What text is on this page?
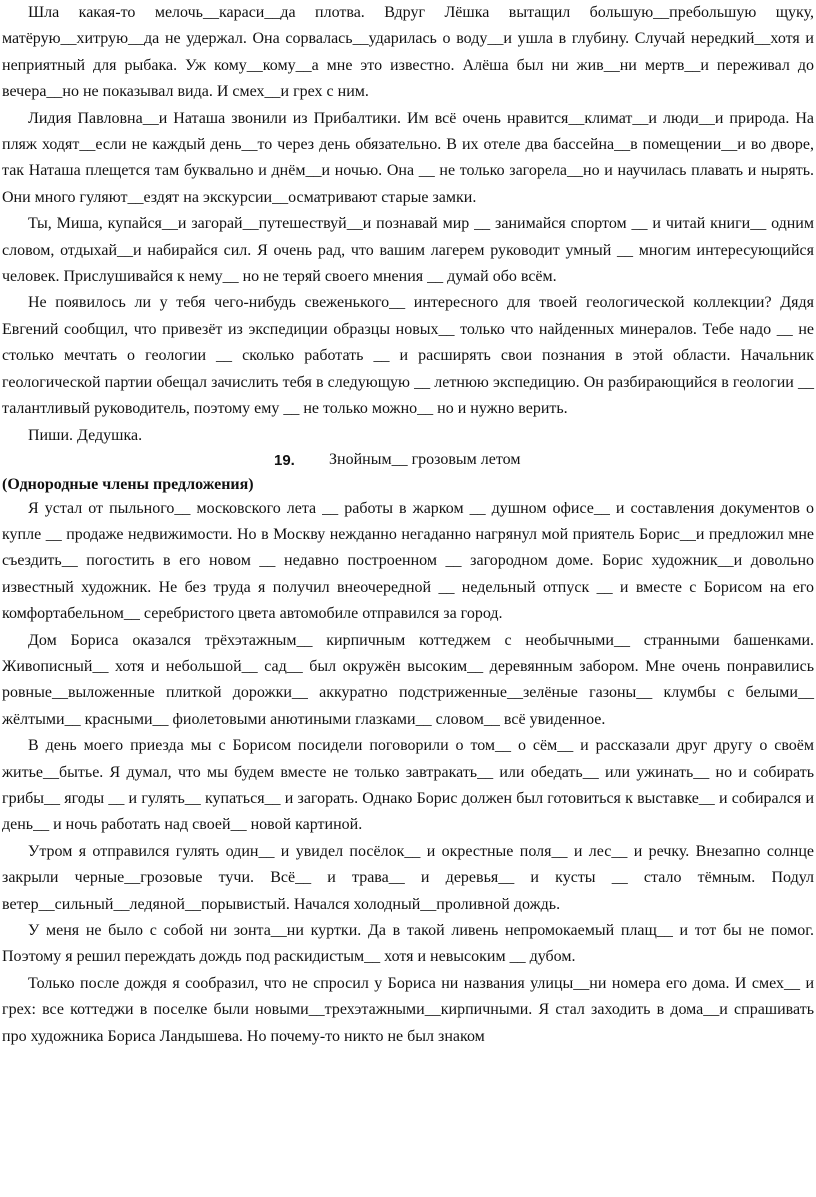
Шла какая-то мелочь__караси__да плотва. Вдруг Лёшка вытащил большую__пребольшую щуку, матёрую__хитрую__да не удержал. Она сорвалась__ударилась о воду__и ушла в глубину. Случай нередкий__хотя и неприятный для рыбака. Уж кому__кому__а мне это известно. Алёша был ни жив__ни мертв__и переживал до вечера__но не показывал вида. И смех__и грех с ним.

Лидия Павловна__и Наташа звонили из Прибалтики. Им всё очень нравится__климат__и люди__и природа. На пляж ходят__если не каждый день__то через день обязательно. В их отеле два бассейна__в помещении__и во дворе, так Наташа плещется там буквально и днём__и ночью. Она __ не только загорела__но и научилась плавать и нырять. Они много гуляют__ездят на экскурсии__осматривают старые замки.

Ты, Миша, купайся__и загорай__путешествуй__и познавай мир __ занимайся спортом __ и читай книги__ одним словом, отдыхай__и набирайся сил. Я очень рад, что вашим лагерем руководит умный __ многим интересующийся человек. Прислушивайся к нему__ но не теряй своего мнения __ думай обо всём.

Не появилось ли у тебя чего-нибудь свеженького__ интересного для твоей геологической коллекции? Дядя Евгений сообщил, что привезёт из экспедиции образцы новых__ только что найденных минералов. Тебе надо __ не столько мечтать о геологии __ сколько работать __ и расширять свои познания в этой области. Начальник геологической партии обещал зачислить тебя в следующую __ летнюю экспедицию. Он разбирающийся в геологии __ талантливый руководитель, поэтому ему __ не только можно__ но и нужно верить.

Пиши. Дедушка.

19. Знойным__ грозовым летом

(Однородные члены предложения)

Я устал от пыльного__ московского лета __ работы в жарком __ душном офисе__ и составления документов о купле __ продаже недвижимости. Но в Москву нежданно негаданно нагрянул мой приятель Борис__и предложил мне съездить__ погостить в его новом __ недавно построенном __ загородном доме. Борис художник__и довольно известный художник. Не без труда я получил внеочередной __ недельный отпуск __ и вместе с Борисом на его комфортабельном__ серебристого цвета автомобиле отправился за город.

Дом Бориса оказался трёхэтажным__ кирпичным коттеджем с необычными__ странными башенками. Живописный__ хотя и небольшой__ сад__ был окружён высоким__ деревянным забором. Мне очень понравились ровные__выложенные плиткой дорожки__ аккуратно подстриженные__зелёные газоны__ клумбы с белыми__ жёлтыми__ красными__ фиолетовыми анютиными глазками__ словом__ всё увиденное.

В день моего приезда мы с Борисом посидели поговорили о том__ о сём__ и рассказали друг другу о своём житье__бытье. Я думал, что мы будем вместе не только завтракать__ или обедать__ или ужинать__ но и собирать грибы__ ягоды __ и гулять__ купаться__ и загорать. Однако Борис должен был готовиться к выставке__ и собирался и день__ и ночь работать над своей__ новой картиной.

Утром я отправился гулять один__ и увидел посёлок__ и окрестные поля__ и лес__ и речку. Внезапно солнце закрыли черные__грозовые тучи. Всё__ и трава__ и деревья__ и кусты __ стало тёмным. Подул ветер__сильный__ледяной__порывистый. Начался холодный__проливной дождь.

У меня не было с собой ни зонта__ни куртки. Да в такой ливень непромокаемый плащ__ и тот бы не помог. Поэтому я решил переждать дождь под раскидистым__ хотя и невысоким __ дубом.

Только после дождя я сообразил, что не спросил у Бориса ни названия улицы__ни номера его дома. И смех__ и грех: все коттеджи в поселке были новыми__трехэтажными__кирпичными. Я стал заходить в дома__и спрашивать про художника Бориса Ландышева. Но почему-то никто не был знаком
